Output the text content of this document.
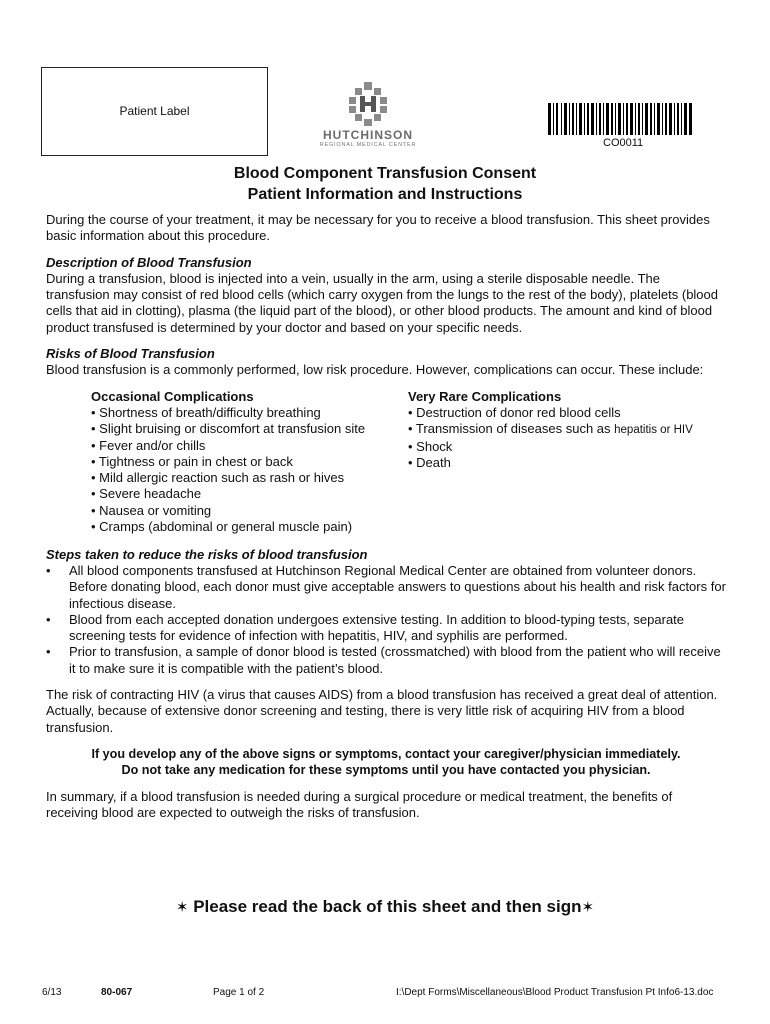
Patient Label
HUTCHINSON
REGIONAL MEDICAL CENTER	CO0011
Blood Component Transfusion Consent
Patient Information and Instructions

During the course of your treatment, it may be necessary for you to receive a blood transfusion. This sheet provides basic information about this procedure.

Description of Blood Transfusion

During a transfusion, blood is injected into a vein, usually in the arm, using a sterile disposable needle. The transfusion may consist of red blood cells (which carry oxygen from the lungs to the rest of the body), platelets (blood cells that aid in clotting), plasma (the liquid part of the blood), or other blood products. The amount and kind of blood product transfused is determined by your doctor and based on your specific needs.

Risks of Blood Transfusion

Blood transfusion is a commonly performed, low risk procedure. However, complications can occur. These include:

Occasional Complications
• Shortness of breath/difficulty breathing
• Slight bruising or discomfort at transfusion site
• Fever and/or chills
• Tightness or pain in chest or back
• Mild allergic reaction such as rash or hives
• Severe headache
• Nausea or vomiting
• Cramps (abdominal or general muscle pain)
Very Rare Complications
• Destruction of donor red blood cells
• Transmission of diseases such as hepatitis or HIV
• Shock
• Death

Steps taken to reduce the risks of blood transfusion

• All blood components transfused at Hutchinson Regional Medical Center are obtained from volunteer donors. Before donating blood, each donor must give acceptable answers to questions about his health and risk factors for infectious disease.
• Blood from each accepted donation undergoes extensive testing. In addition to blood-typing tests, separate screening tests for evidence of infection with hepatitis, HIV, and syphilis are performed.
• Prior to transfusion, a sample of donor blood is tested (crossmatched) with blood from the patient who will receive it to make sure it is compatible with the patient’s blood.

The risk of contracting HIV (a virus that causes AIDS) from a blood transfusion has received a great deal of attention. Actually, because of extensive donor screening and testing, there is very little risk of acquiring HIV from a blood transfusion.

If you develop any of the above signs or symptoms, contact your caregiver/physician immediately.
Do not take any medication for these symptoms until you have contacted you physician.

In summary, if a blood transfusion is needed during a surgical procedure or medical treatment, the benefits of receiving blood are expected to outweigh the risks of transfusion.

✶ Please read the back of this sheet and then sign✶
6/13	80-067	Page 1 of 2	I:\Dept Forms\Miscellaneous\Blood Product Transfusion Pt Info6-13.doc
